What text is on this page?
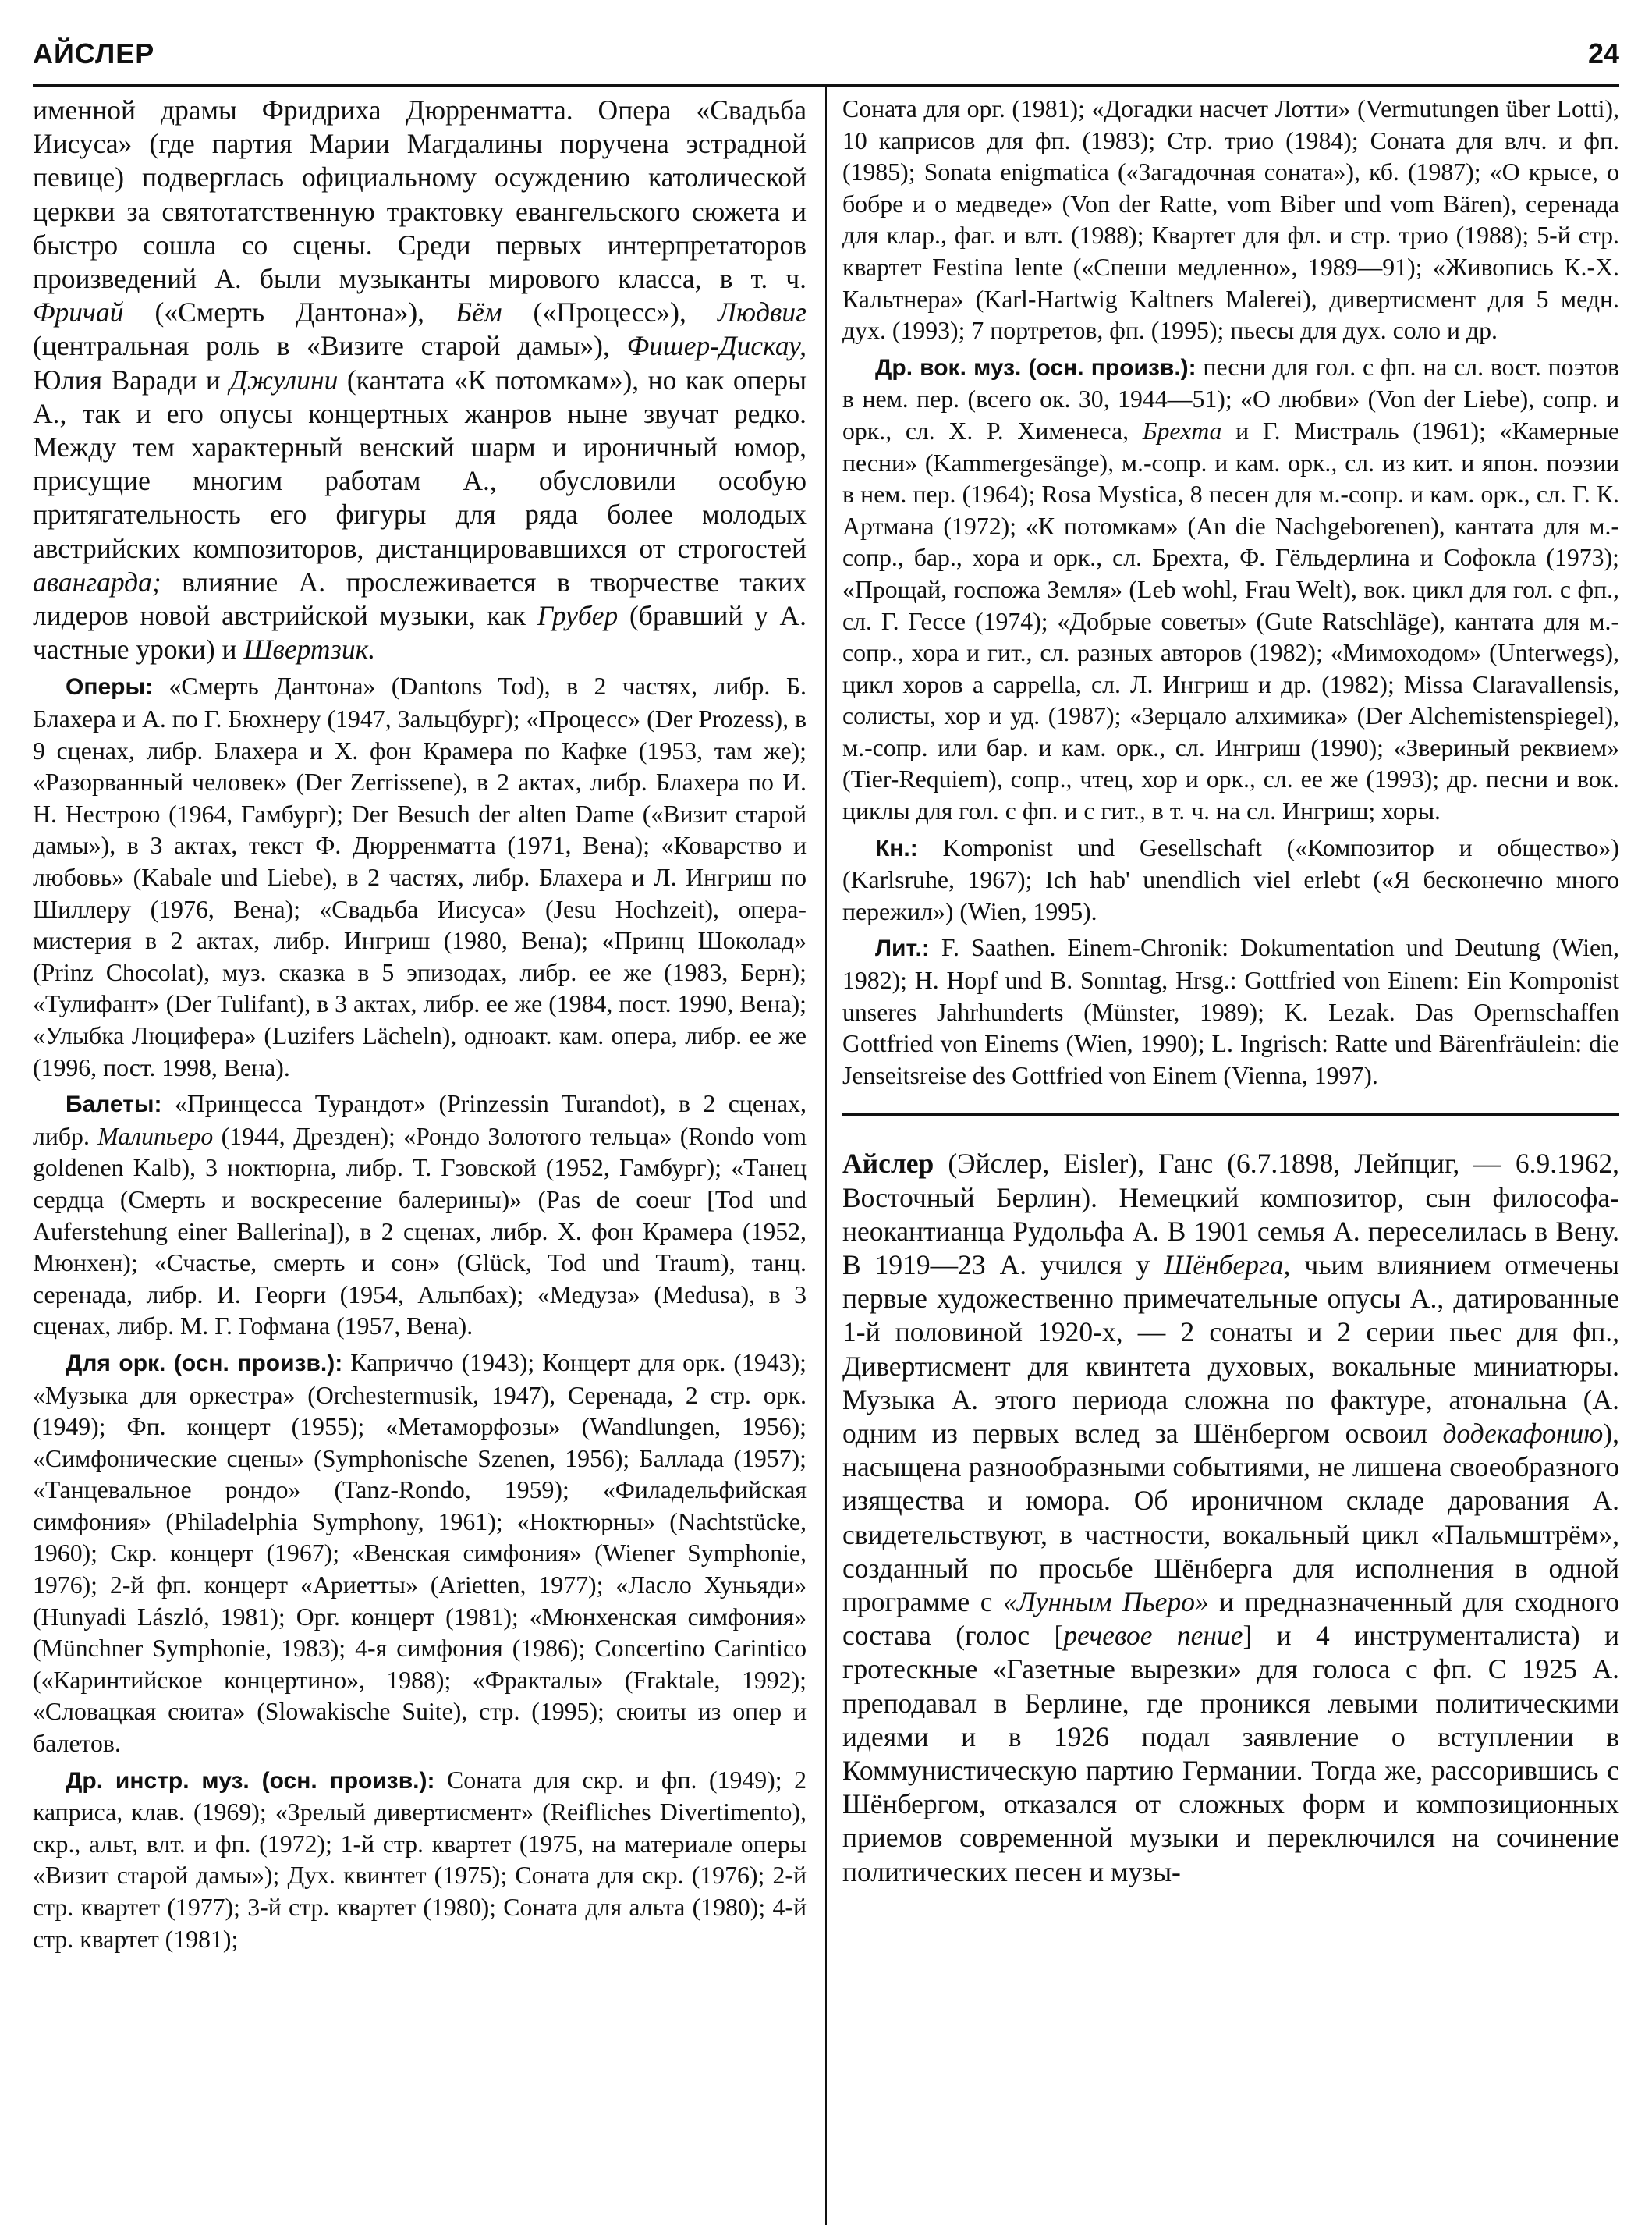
АЙСЛЕР	24

именной драмы Фридриха Дюрренматта. Опера «Свадьба Иисуса» (где партия Марии Магдалины поручена эстрадной певице) подверглась официальному осуждению католической церкви за святотатственную трактовку евангельского сюжета и быстро сошла со сцены. Среди первых интерпретаторов произведений А. были музыканты мирового класса, в т. ч. Фричай («Смерть Дантона»), Бём («Процесс»), Людвиг (центральная роль в «Визите старой дамы»), Фишер-Дискау, Юлия Варади и Джулини (кантата «К потомкам»), но как оперы А., так и его опусы концертных жанров ныне звучат редко. Между тем характерный венский шарм и ироничный юмор, присущие многим работам А., обусловили особую притягательность его фигуры для ряда более молодых австрийских композиторов, дистанцировавшихся от строгостей авангарда; влияние А. прослеживается в творчестве таких лидеров новой австрийской музыки, как Грубер (бравший у А. частные уроки) и Швертзик.

Оперы: «Смерть Дантона» (Dantons Tod), в 2 частях, либр. Б. Блахера и А. по Г. Бюхнеру (1947, Зальцбург); «Процесс» (Der Prozess), в 9 сценах, либр. Блахера и Х. фон Крамера по Кафке (1953, там же); «Разорванный человек» (Der Zerrissene), в 2 актах, либр. Блахера по И. Н. Нестрою (1964, Гамбург); Der Besuch der alten Dame («Визит старой дамы»), в 3 актах, текст Ф. Дюрренматта (1971, Вена); «Коварство и любовь» (Kabale und Liebe), в 2 частях, либр. Блахера и Л. Ингриш по Шиллеру (1976, Вена); «Свадьба Иисуса» (Jesu Hochzeit), опера-мистерия в 2 актах, либр. Ингриш (1980, Вена); «Принц Шоколад» (Prinz Chocolat), муз. сказка в 5 эпизодах, либр. ее же (1983, Берн); «Тулифант» (Der Tulifant), в 3 актах, либр. ее же (1984, пост. 1990, Вена); «Улыбка Люцифера» (Luzifers Lächeln), одноакт. кам. опера, либр. ее же (1996, пост. 1998, Вена).

Балеты: «Принцесса Турандот» (Prinzessin Turandot), в 2 сценах, либр. Малипьеро (1944, Дрезден); «Рондо Золотого тельца» (Rondo vom goldenen Kalb), 3 ноктюрна, либр. Т. Гзовской (1952, Гамбург); «Танец сердца (Смерть и воскресение балерины)» (Pas de coeur [Tod und Auferstehung einer Ballerina]), в 2 сценах, либр. Х. фон Крамера (1952, Мюнхен); «Счастье, смерть и сон» (Glück, Tod und Traum), танц. серенада, либр. И. Георги (1954, Альпбах); «Медуза» (Medusa), в 3 сценах, либр. М. Г. Гофмана (1957, Вена).

Для орк. (осн. произв.): Каприччо (1943); Концерт для орк. (1943); «Музыка для оркестра» (Orchestermusik, 1947), Серенада, 2 стр. орк. (1949); Фп. концерт (1955); «Метаморфозы» (Wandlungen, 1956); «Симфонические сцены» (Symphonische Szenen, 1956); Баллада (1957); «Танцевальное рондо» (Tanz-Rondo, 1959); «Филадельфийская симфония» (Philadelphia Symphony, 1961); «Ноктюрны» (Nachtstücke, 1960); Скр. концерт (1967); «Венская симфония» (Wiener Symphonie, 1976); 2-й фп. концерт «Ариетты» (Arietten, 1977); «Ласло Хуньяди» (Hunyadi László, 1981); Орг. концерт (1981); «Мюнхенская симфония» (Münchner Symphonie, 1983); 4-я симфония (1986); Concertino Carintico («Каринтийское концертино», 1988); «Фракталы» (Fraktale, 1992); «Словацкая сюита» (Slowakische Suite), стр. (1995); сюиты из опер и балетов.

Др. инстр. муз. (осн. произв.): Соната для скр. и фп. (1949); 2 каприса, клав. (1969); «Зрелый дивертисмент» (Reifliches Divertimento), скр., альт, влт. и фп. (1972); 1-й стр. квартет (1975, на материале оперы «Визит старой дамы»); Дух. квинтет (1975); Соната для скр. (1976); 2-й стр. квартет (1977); 3-й стр. квартет (1980); Соната для альта (1980); 4-й стр. квартет (1981);

Соната для орг. (1981); «Догадки насчет Лотти» (Vermutungen über Lotti), 10 каприсов для фп. (1983); Стр. трио (1984); Соната для влч. и фп. (1985); Sonata enigmatica («Загадочная соната»), кб. (1987); «О крысе, о бобре и о медведе» (Von der Ratte, vom Biber und vom Bären), серенада для клар., фаг. и влт. (1988); Квартет для фл. и стр. трио (1988); 5-й стр. квартет Festina lente («Спеши медленно», 1989—91); «Живопись К.-Х. Кальтнера» (Karl-Hartwig Kaltners Malerei), дивертисмент для 5 медн. дух. (1993); 7 портретов, фп. (1995); пьесы для дух. соло и др.

Др. вок. муз. (осн. произв.): песни для гол. с фп. на сл. вост. поэтов в нем. пер. (всего ок. 30, 1944—51); «О любви» (Von der Liebe), сопр. и орк., сл. Х. Р. Хименеса, Брехта и Г. Мистраль (1961); «Камерные песни» (Kammergesänge), м.-сопр. и кам. орк., сл. из кит. и япон. поэзии в нем. пер. (1964); Rosa Mystica, 8 песен для м.-сопр. и кам. орк., сл. Г. К. Артмана (1972); «К потомкам» (An die Nachgeborenen), кантата для м.-сопр., бар., хора и орк., сл. Брехта, Ф. Гёльдерлина и Софокла (1973); «Прощай, госпожа Земля» (Leb wohl, Frau Welt), вок. цикл для гол. с фп., сл. Г. Гессе (1974); «Добрые советы» (Gute Ratschläge), кантата для м.-сопр., хора и гит., сл. разных авторов (1982); «Мимоходом» (Unterwegs), цикл хоров a cappella, сл. Л. Ингриш и др. (1982); Missa Claravallensis, солисты, хор и уд. (1987); «Зерцало алхимика» (Der Alchemistenspiegel), м.-сопр. или бар. и кам. орк., сл. Ингриш (1990); «Звериный реквием» (Tier-Requiem), сопр., чтец, хор и орк., сл. ее же (1993); др. песни и вок. циклы для гол. с фп. и с гит., в т. ч. на сл. Ингриш; хоры.

Кн.: Komponist und Gesellschaft («Композитор и общество») (Karlsruhe, 1967); Ich hab' unendlich viel erlebt («Я бесконечно много пережил») (Wien, 1995).

Лит.: F. Saathen. Einem-Chronik: Dokumentation und Deutung (Wien, 1982); H. Hopf und B. Sonntag, Hrsg.: Gottfried von Einem: Ein Komponist unseres Jahrhunderts (Münster, 1989); K. Lezak. Das Opernschaffen Gottfried von Einems (Wien, 1990); L. Ingrisch: Ratte und Bärenfräulein: die Jenseitsreise des Gottfried von Einem (Vienna, 1997).

Айслер (Эйслер, Eisler), Ганс (6.7.1898, Лейпциг, — 6.9.1962, Восточный Берлин). Немецкий композитор, сын философа-неокантианца Рудольфа А. В 1901 семья А. переселилась в Вену. В 1919—23 А. учился у Шёнберга, чьим влиянием отмечены первые художественно примечательные опусы А., датированные 1-й половиной 1920-х, — 2 сонаты и 2 серии пьес для фп., Дивертисмент для квинтета духовых, вокальные миниатюры. Музыка А. этого периода сложна по фактуре, атональна (А. одним из первых вслед за Шёнбергом освоил додекафонию), насыщена разнообразными событиями, не лишена своеобразного изящества и юмора. Об ироничном складе дарования А. свидетельствуют, в частности, вокальный цикл «Пальмштрём», созданный по просьбе Шёнберга для исполнения в одной программе с «Лунным Пьеро» и предназначенный для сходного состава (голос [речевое пение] и 4 инструменталиста) и гротескные «Газетные вырезки» для голоса с фп. С 1925 А. преподавал в Берлине, где проникся левыми политическими идеями и в 1926 подал заявление о вступлении в Коммунистическую партию Германии. Тогда же, рассорившись с Шёнбергом, отказался от сложных форм и композиционных приемов современной музыки и переключился на сочинение политических песен и музы-
